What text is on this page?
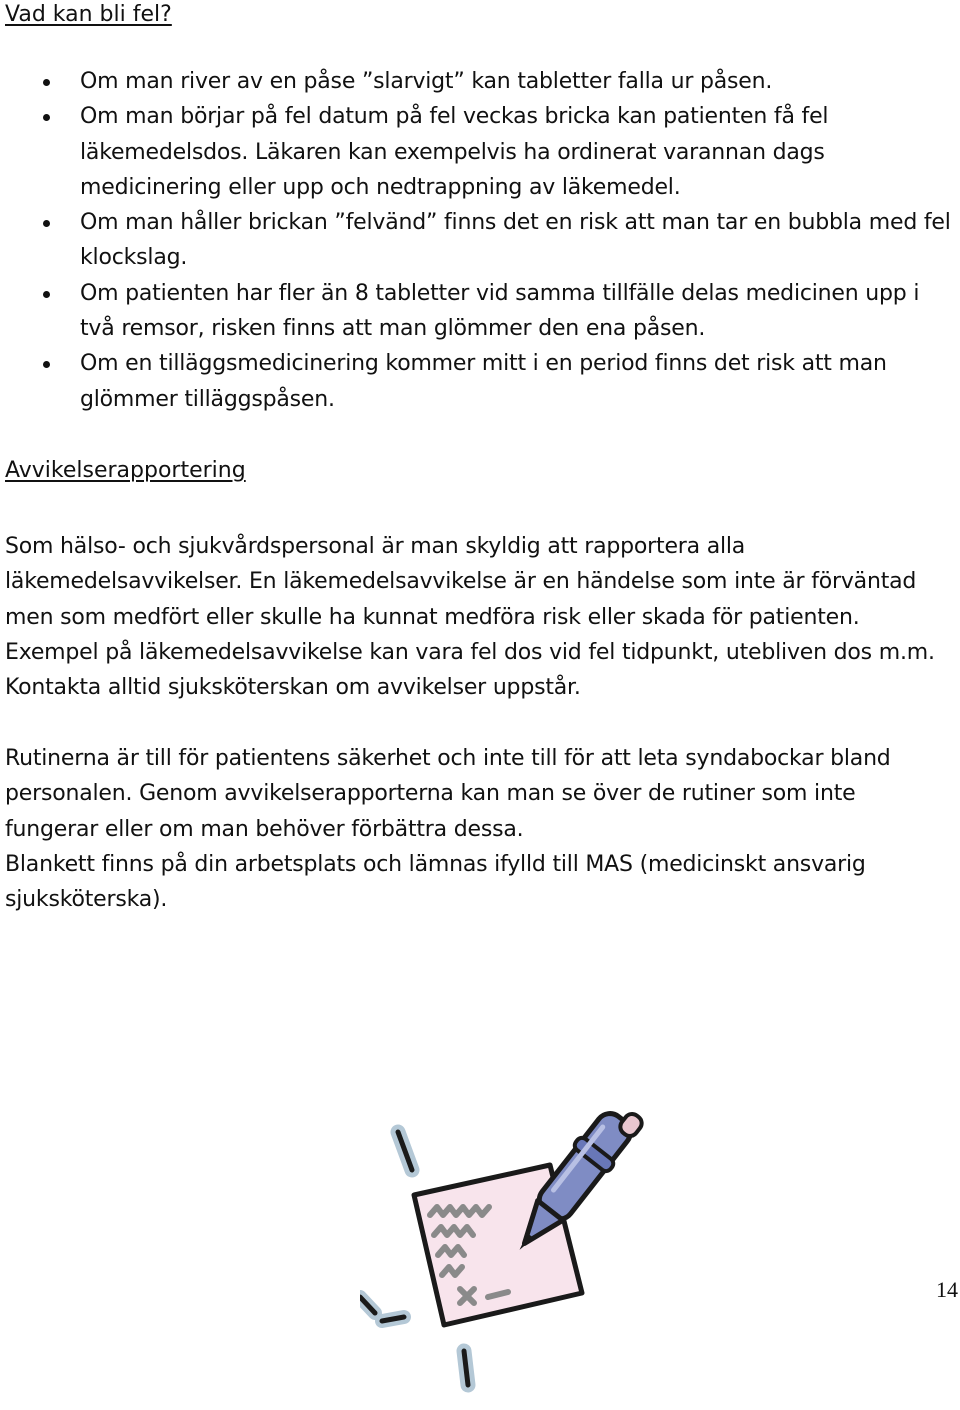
Vad kan bli fel?
Om man river av en påse ”slarvigt” kan tabletter falla ur påsen.
Om man börjar på fel datum på fel veckas bricka kan patienten få fel läkemedelsdos. Läkaren kan exempelvis ha ordinerat varannan dags medicinering eller upp och nedtrappning av läkemedel.
Om man håller brickan ”felvänd” finns det en risk att man tar en bubbla med fel klockslag.
Om patienten har fler än 8 tabletter vid samma tillfälle delas medicinen upp i två remsor, risken finns att man glömmer den ena påsen.
Om en tilläggsmedicinering kommer mitt i en period finns det risk att man glömmer tilläggspåsen.
Avvikelserapportering

Som hälso- och sjukvårdspersonal är man skyldig att rapportera alla läkemedelsavvikelser. En läkemedelsavvikelse är en händelse som inte är förväntad men som medfört eller skulle ha kunnat medföra risk eller skada för patienten. Exempel på läkemedelsavvikelse kan vara fel dos vid fel tidpunkt, utebliven dos m.m. Kontakta alltid sjuksköterskan om avvikelser uppstår.

Rutinerna är till för patientens säkerhet och inte till för att leta syndabockar bland personalen. Genom avvikelserapporterna kan man se över de rutiner som inte fungerar eller om man behöver förbättra dessa.
Blankett finns på din arbetsplats och lämnas ifylld till MAS (medicinskt ansvarig sjuksköterska).
14
